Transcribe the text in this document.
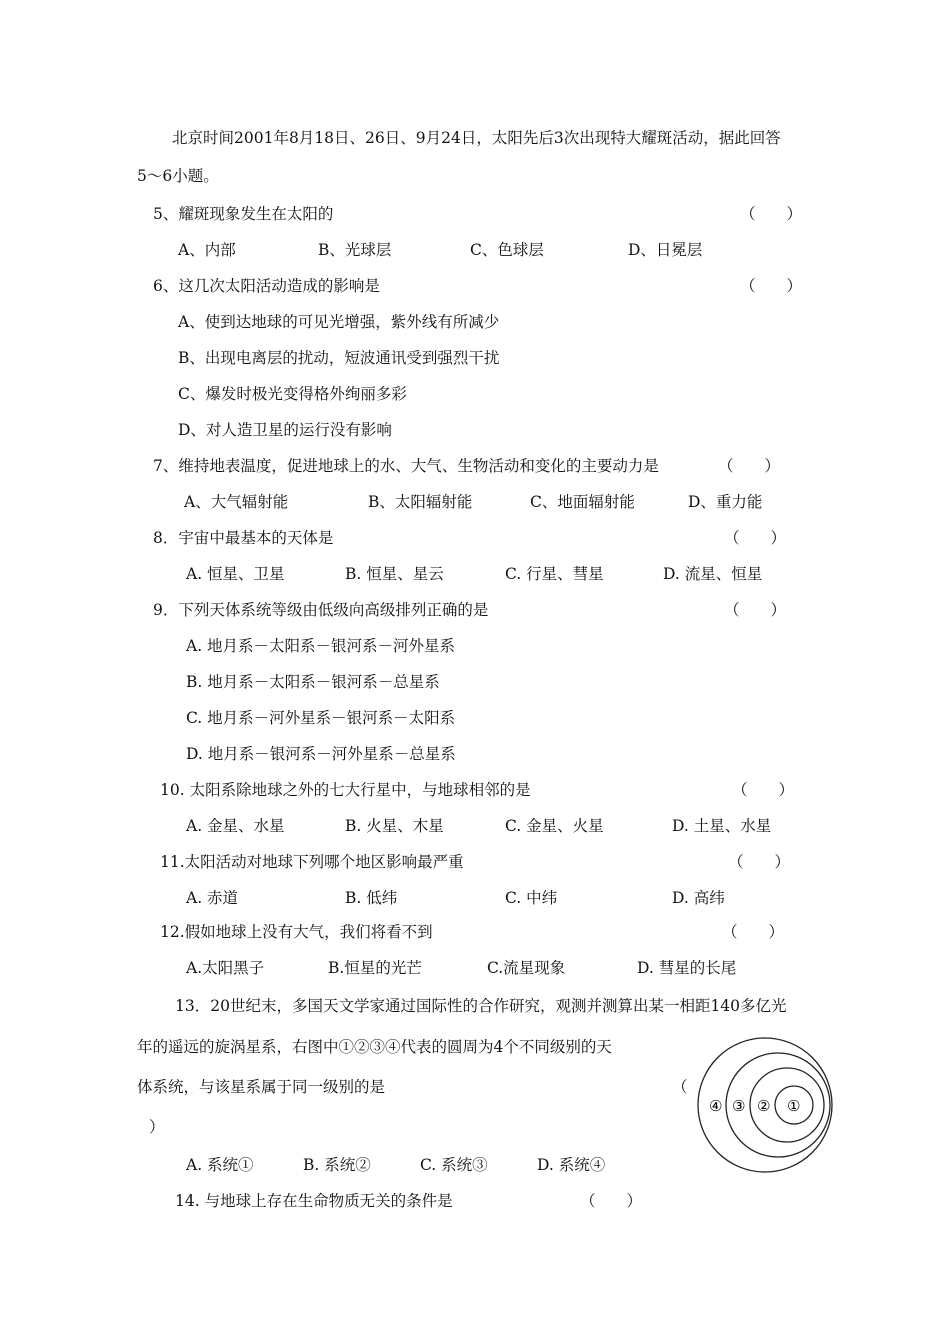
北京时间2001年8月18日、26日、9月24日，太阳先后3次出现特大耀斑活动，据此回答
5～6小题。
5、耀斑现象发生在太阳的	（　　）
A、内部	B、光球层	C、色球层	D、日冕层
6、这几次太阳活动造成的影响是	（　　）
A、使到达地球的可见光增强，紫外线有所减少
B、出现电离层的扰动，短波通讯受到强烈干扰
C、爆发时极光变得格外绚丽多彩
D、对人造卫星的运行没有影响
7、维持地表温度，促进地球上的水、大气、生物活动和变化的主要动力是	（　　）
A、大气辐射能	B、太阳辐射能	C、地面辐射能	D、重力能
8．宇宙中最基本的天体是	（　　）
A. 恒星、卫星	B. 恒星、星云	C. 行星、彗星	D. 流星、恒星
9．下列天体系统等级由低级向高级排列正确的是	（　　）
A. 地月系－太阳系－银河系－河外星系
B. 地月系－太阳系－银河系－总星系
C. 地月系－河外星系－银河系－太阳系
D. 地月系－银河系－河外星系－总星系
10. 太阳系除地球之外的七大行星中，与地球相邻的是	（　　）
A. 金星、水星	B. 火星、木星	C. 金星、火星	D. 土星、水星
11.太阳活动对地球下列哪个地区影响最严重	（　　）
A. 赤道	B. 低纬	C. 中纬	D. 高纬
12.假如地球上没有大气，我们将看不到	（　　）
A.太阳黑子	B.恒星的光芒	C.流星现象	D. 彗星的长尾
13．20世纪末，多国天文学家通过国际性的合作研究，观测并测算出某一相距140多亿光
年的遥远的旋涡星系，右图中①②③④代表的圆周为4个不同级别的天
体系统，与该星系属于同一级别的是	（
）
A. 系统①	B. 系统②	C. 系统③	D. 系统④
④ ③ ② ①
14. 与地球上存在生命物质无关的条件是	（　　）
